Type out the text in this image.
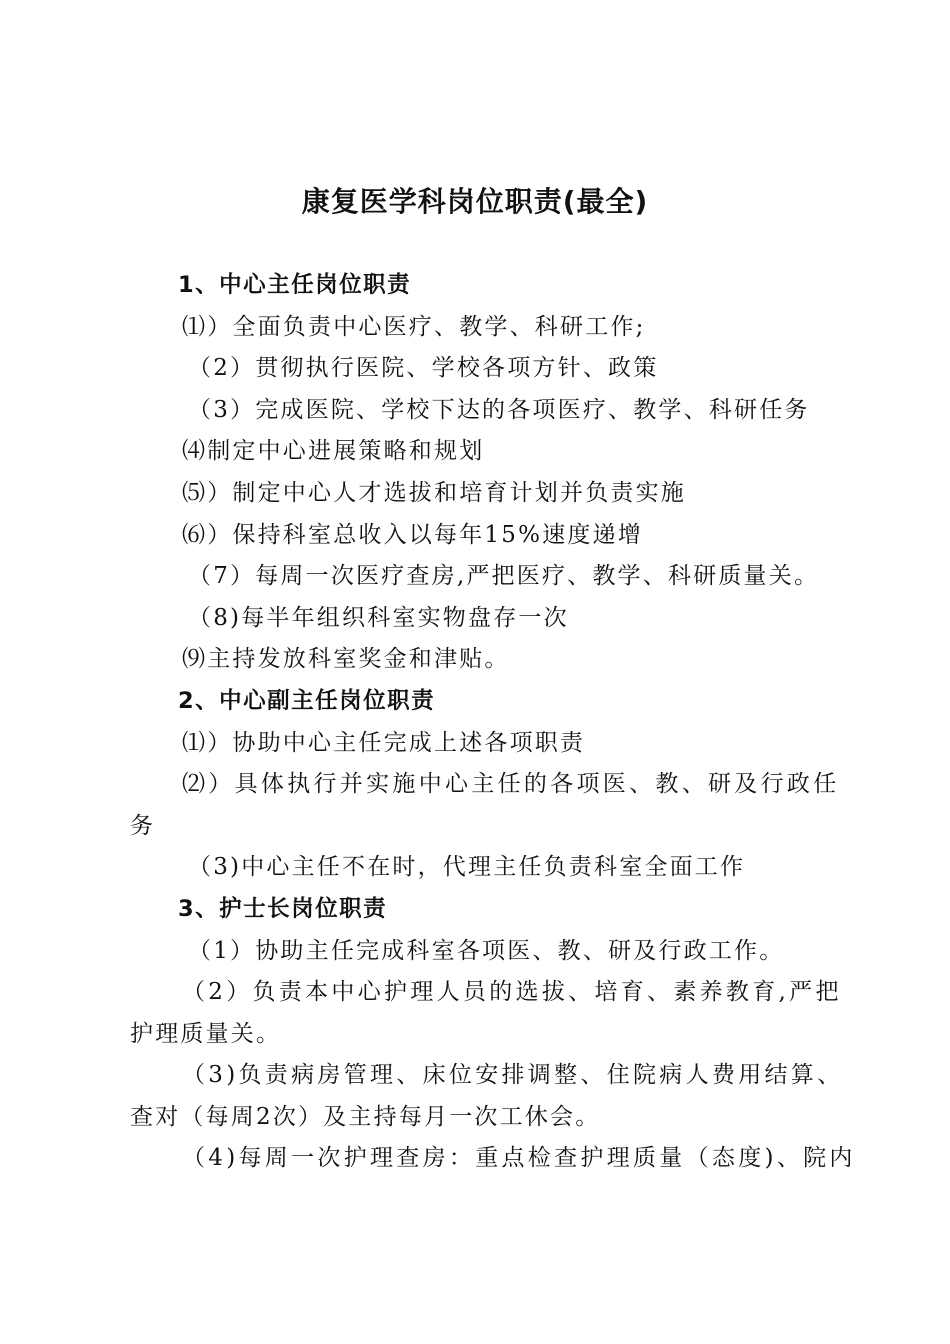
康复医学科岗位职责(最全)
1、中心主任岗位职责
⑴）全面负责中心医疗、教学、科研工作;
（2）贯彻执行医院、学校各项方针、政策
（3）完成医院、学校下达的各项医疗、教学、科研任务
⑷制定中心进展策略和规划
⑸）制定中心人才选拔和培育计划并负责实施
⑹）保持科室总收入以每年15%速度递增
（7）每周一次医疗查房,严把医疗、教学、科研质量关。
（8)每半年组织科室实物盘存一次
⑼主持发放科室奖金和津贴。
2、中心副主任岗位职责
⑴）协助中心主任完成上述各项职责
⑵）具体执行并实施中心主任的各项医、教、研及行政任
务
（3)中心主任不在时，代理主任负责科室全面工作
3、护士长岗位职责
（1）协助主任完成科室各项医、教、研及行政工作。
（2）负责本中心护理人员的选拔、培育、素养教育,严把
护理质量关。
（3)负责病房管理、床位安排调整、住院病人费用结算、
查对（每周2次）及主持每月一次工休会。
（4)每周一次护理查房：重点检查护理质量（态度)、院内
